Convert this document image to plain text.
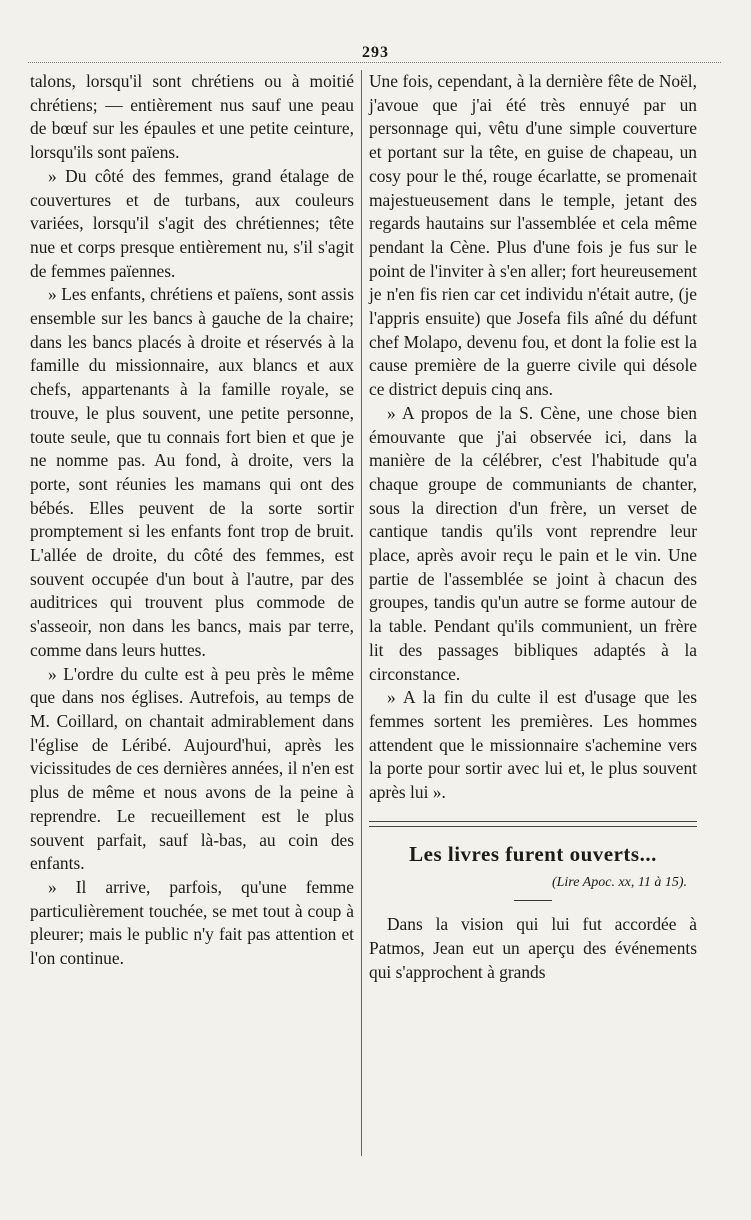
293

talons, lorsqu'il sont chrétiens ou à moitié chrétiens; — entièrement nus sauf une peau de bœuf sur les épaules et une petite ceinture, lorsqu'ils sont païens.

» Du côté des femmes, grand étalage de couvertures et de turbans, aux couleurs variées, lorsqu'il s'agit des chrétiennes; tête nue et corps presque entièrement nu, s'il s'agit de femmes païennes.

» Les enfants, chrétiens et païens, sont assis ensemble sur les bancs à gauche de la chaire; dans les bancs placés à droite et réservés à la famille du missionnaire, aux blancs et aux chefs, appartenants à la famille royale, se trouve, le plus souvent, une petite personne, toute seule, que tu connais fort bien et que je ne nomme pas. Au fond, à droite, vers la porte, sont réunies les mamans qui ont des bébés. Elles peuvent de la sorte sortir promptement si les enfants font trop de bruit. L'allée de droite, du côté des femmes, est souvent occupée d'un bout à l'autre, par des auditrices qui trouvent plus commode de s'asseoir, non dans les bancs, mais par terre, comme dans leurs huttes.

» L'ordre du culte est à peu près le même que dans nos églises. Autrefois, au temps de M. Coillard, on chantait admirablement dans l'église de Léribé. Aujourd'hui, après les vicissitudes de ces dernières années, il n'en est plus de même et nous avons de la peine à reprendre. Le recueillement est le plus souvent parfait, sauf là-bas, au coin des enfants.

» Il arrive, parfois, qu'une femme particulièrement touchée, se met tout à coup à pleurer; mais le public n'y fait pas attention et l'on continue.

Une fois, cependant, à la dernière fête de Noël, j'avoue que j'ai été très ennuyé par un personnage qui, vêtu d'une simple couverture et portant sur la tête, en guise de chapeau, un cosy pour le thé, rouge écarlatte, se promenait majestueusement dans le temple, jetant des regards hautains sur l'assemblée et cela même pendant la Cène. Plus d'une fois je fus sur le point de l'inviter à s'en aller; fort heureusement je n'en fis rien car cet individu n'était autre, (je l'appris ensuite) que Josefa fils aîné du défunt chef Molapo, devenu fou, et dont la folie est la cause première de la guerre civile qui désole ce district depuis cinq ans.

» A propos de la S. Cène, une chose bien émouvante que j'ai observée ici, dans la manière de la célébrer, c'est l'habitude qu'a chaque groupe de communiants de chanter, sous la direction d'un frère, un verset de cantique tandis qu'ils vont reprendre leur place, après avoir reçu le pain et le vin. Une partie de l'assemblée se joint à chacun des groupes, tandis qu'un autre se forme autour de la table. Pendant qu'ils communient, un frère lit des passages bibliques adaptés à la circonstance.

» A la fin du culte il est d'usage que les femmes sortent les premières. Les hommes attendent que le missionnaire s'achemine vers la porte pour sortir avec lui et, le plus souvent après lui ».

Les livres furent ouverts...
(Lire Apoc. xx, 11 à 15).

Dans la vision qui lui fut accordée à Patmos, Jean eut un aperçu des événements qui s'approchent à grands
